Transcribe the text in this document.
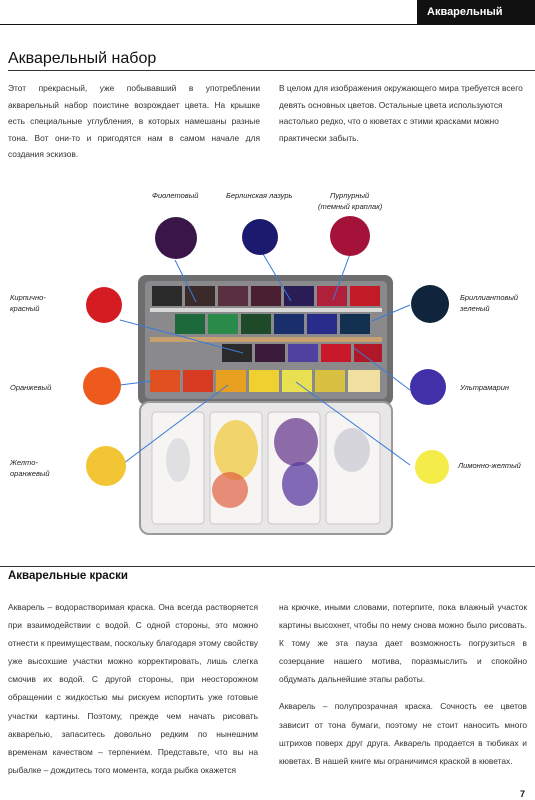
Акварельный набор
Акварельный набор

Этот прекрасный, уже побывавший в употреблении акварельный набор поистине возрождает цвета. На крышке есть специальные углубления, в которых намешаны разные тона. Вот они-то и пригодятся нам в самом начале для создания эскизов.

В целом для изображения окружающего мира требуется всего девять основных цветов. Остальные цвета используются настолько редко, что о кюветах с этими красками можно практически забыть.

Фиолетовый	Берлинская лазурь	Пурпурный
(темный краплак)
Кирпично-
красный
Бриллиантовый
зеленый
Оранжевый	Ультрамарин
Желто-
оранжевый
Лимонно-желтый
Акварельные краски

Акварель – водорастворимая краска. Она всегда растворяется при взаимодействии с водой. С одной стороны, это можно отнести к преимуществам, поскольку благодаря этому свойству уже высохшие участки можно корректировать, лишь слегка смочив их водой. С другой стороны, при неосторожном обращении с жидкостью мы рискуем испортить уже готовые участки картины. Поэтому, прежде чем начать рисовать акварелью, запаситесь довольно редким по нынешним временам качеством – терпением. Представьте, что вы на рыбалке – дождитесь того момента, когда рыбка окажется

на крючке, иными словами, потерпите, пока влажный участок картины высохнет, чтобы по нему снова можно было рисовать. К тому же эта пауза дает возможность погрузиться в созерцание нашего мотива, поразмыслить и спокойно обдумать дальнейшие этапы работы.

Акварель – полупрозрачная краска. Сочность ее цветов зависит от тона бумаги, поэтому не стоит наносить много штрихов поверх друг друга. Акварель продается в тюбиках и кюветах. В нашей книге мы ограничимся краской в кюветах.

7
